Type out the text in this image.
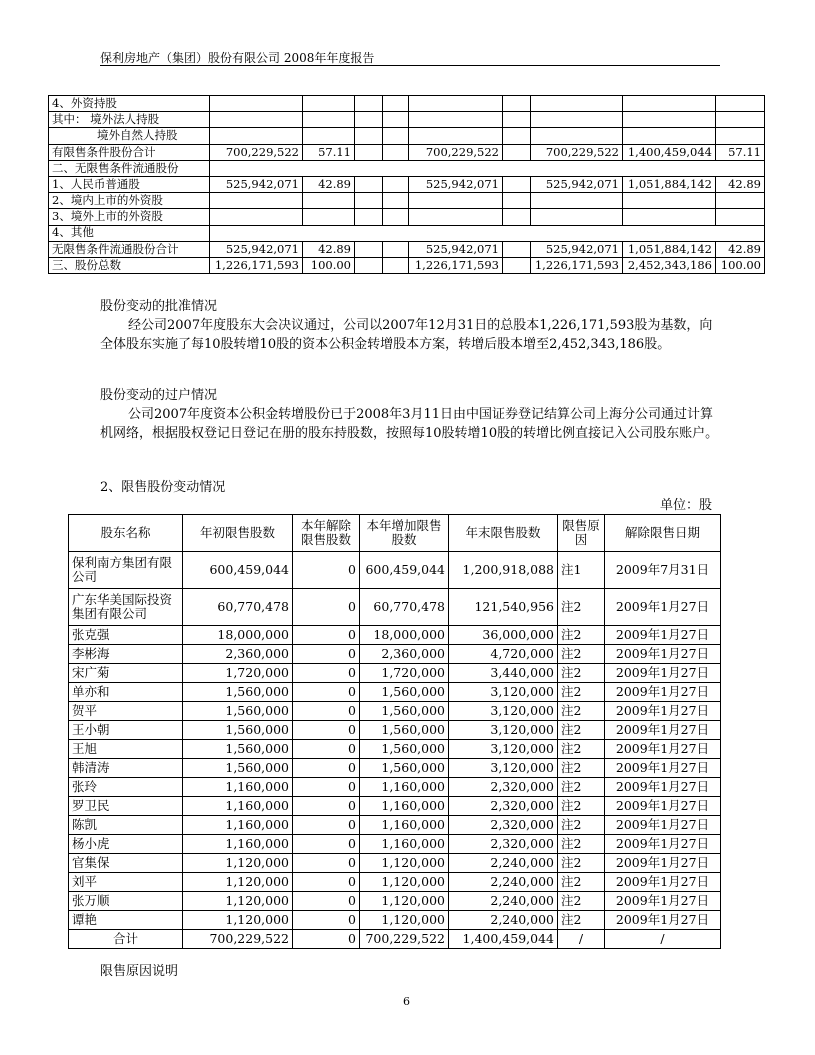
保利房地产（集团）股份有限公司 2008年年度报告
4、外资持股									
其中： 境外法人持股									
境外自然人持股									
有限售条件股份合计	700,229,522	57.11			700,229,522		700,229,522	1,400,459,044	57.11
二、无限售条件流通股份									
1、人民币普通股	525,942,071	42.89			525,942,071		525,942,071	1,051,884,142	42.89
2、境内上市的外资股									
3、境外上市的外资股									
4、其他									
无限售条件流通股份合计	525,942,071	42.89			525,942,071		525,942,071	1,051,884,142	42.89
三、股份总数	1,226,171,593	100.00			1,226,171,593		1,226,171,593	2,452,343,186	100.00
股份变动的批准情况
经公司2007年度股东大会决议通过，公司以2007年12月31日的总股本1,226,171,593股为基数，向全体股东实施了每10股转增10股的资本公积金转增股本方案，转增后股本增至2,452,343,186股。
股份变动的过户情况
公司2007年度资本公积金转增股份已于2008年3月11日由中国证券登记结算公司上海分公司通过计算机网络，根据股权登记日登记在册的股东持股数，按照每10股转增10股的转增比例直接记入公司股东账户。
2、限售股份变动情况
单位：股
股东名称	年初限售股数	本年解除限售股数	本年增加限售股数	年末限售股数	限售原因	解除限售日期
保利南方集团有限公司	600,459,044	0	600,459,044	1,200,918,088	注1	2009年7月31日
广东华美国际投资集团有限公司	60,770,478	0	60,770,478	121,540,956	注2	2009年1月27日
张克强	18,000,000	0	18,000,000	36,000,000	注2	2009年1月27日
李彬海	2,360,000	0	2,360,000	4,720,000	注2	2009年1月27日
宋广菊	1,720,000	0	1,720,000	3,440,000	注2	2009年1月27日
单亦和	1,560,000	0	1,560,000	3,120,000	注2	2009年1月27日
贺平	1,560,000	0	1,560,000	3,120,000	注2	2009年1月27日
王小朝	1,560,000	0	1,560,000	3,120,000	注2	2009年1月27日
王旭	1,560,000	0	1,560,000	3,120,000	注2	2009年1月27日
韩清涛	1,560,000	0	1,560,000	3,120,000	注2	2009年1月27日
张玲	1,160,000	0	1,160,000	2,320,000	注2	2009年1月27日
罗卫民	1,160,000	0	1,160,000	2,320,000	注2	2009年1月27日
陈凯	1,160,000	0	1,160,000	2,320,000	注2	2009年1月27日
杨小虎	1,160,000	0	1,160,000	2,320,000	注2	2009年1月27日
官集保	1,120,000	0	1,120,000	2,240,000	注2	2009年1月27日
刘平	1,120,000	0	1,120,000	2,240,000	注2	2009年1月27日
张万顺	1,120,000	0	1,120,000	2,240,000	注2	2009年1月27日
谭艳	1,120,000	0	1,120,000	2,240,000	注2	2009年1月27日
合计	700,229,522	0	700,229,522	1,400,459,044	/	/
限售原因说明
6
